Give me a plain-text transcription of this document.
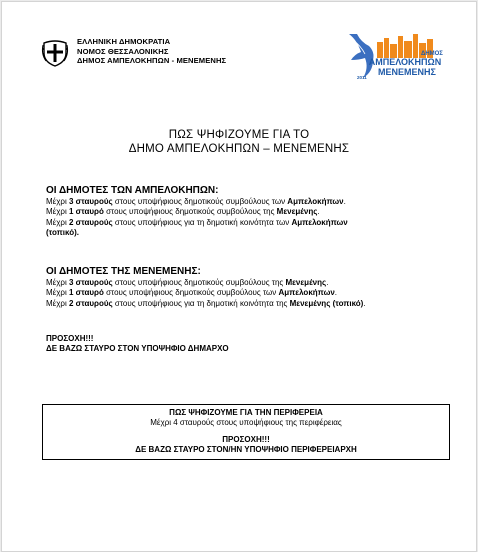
ΕΛΛΗΝΙΚΗ ΔΗΜΟΚΡΑΤΙΑ
ΝΟΜΟΣ ΘΕΣΣΑΛΟΝΙΚΗΣ
ΔΗΜΟΣ ΑΜΠΕΛΟΚΗΠΩΝ - ΜΕΝΕΜΕΝΗΣ
ΔΗΜΟΣ
ΑΜΠΕΛΟΚΗΠΩΝ
ΜΕΝΕΜΕΝΗΣ
2011
ΠΩΣ ΨΗΦΙΖΟΥΜΕ ΓΙΑ ΤΟ
ΔΗΜΟ ΑΜΠΕΛΟΚΗΠΩΝ – ΜΕΝΕΜΕΝΗΣ
ΟΙ ΔΗΜΟΤΕΣ ΤΩΝ ΑΜΠΕΛΟΚΗΠΩΝ:
Μέχρι 3 σταυρούς στους υποψήφιους δημοτικούς συμβούλους των Αμπελοκήπων.
Μέχρι 1 σταυρό στους υποψήφιους δημοτικούς συμβούλους της Μενεμένης.
Μέχρι 2 σταυρούς στους υποψήφιους για τη δημοτική κοινότητα των Αμπελοκήπων
(τοπικό).
ΟΙ ΔΗΜΟΤΕΣ ΤΗΣ ΜΕΝΕΜΕΝΗΣ:
Μέχρι 3 σταυρούς στους υποψήφιους δημοτικούς συμβούλους της Μενεμένης.
Μέχρι 1 σταυρό στους υποψήφιους δημοτικούς συμβούλους των Αμπελοκήπων.
Μέχρι 2 σταυρούς στους υποψήφιους για τη δημοτική κοινότητα της Μενεμένης (τοπικό).
ΠΡΟΣΟΧΗ!!!
ΔΕ ΒΑΖΩ ΣΤΑΥΡΟ ΣΤΟΝ ΥΠΟΨΗΦΙΟ ΔΗΜΑΡΧΟ
ΠΩΣ ΨΗΦΙΖΟΥΜΕ ΓΙΑ ΤΗΝ ΠΕΡΙΦΕΡΕΙΑ
Μέχρι 4 σταυρούς στους υποψήφιους της περιφέρειας
ΠΡΟΣΟΧΗ!!!
ΔΕ ΒΑΖΩ ΣΤΑΥΡΟ ΣΤΟΝ/ΗΝ ΥΠΟΨΗΦΙΟ ΠΕΡΙΦΕΡΕΙΑΡΧΗ
